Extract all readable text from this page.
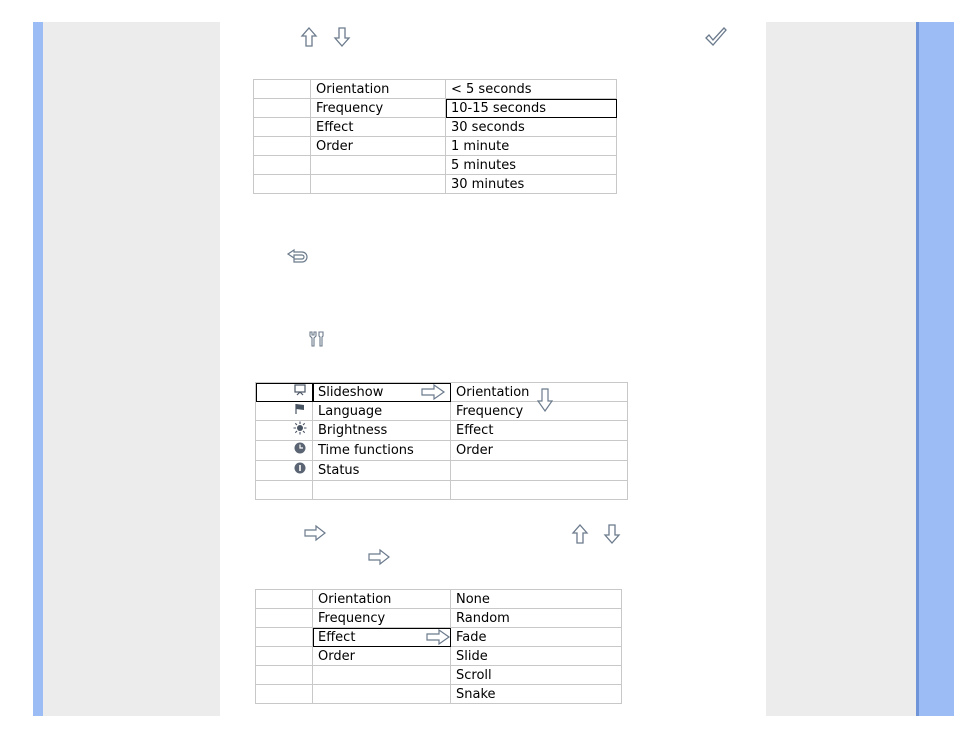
	Orientation	< 5 seconds
	Frequency	10-15 seconds
	Effect	30 seconds
	Order	1 minute
		5 minutes
		30 minutes
	Slideshow	Orientation

	Language	Frequency
	Brightness	Effect
	Time functions	Order
	Status	

	Orientation	None
	Frequency	Random
	Effect	Fade
	Order	Slide
		Scroll
		Snake
